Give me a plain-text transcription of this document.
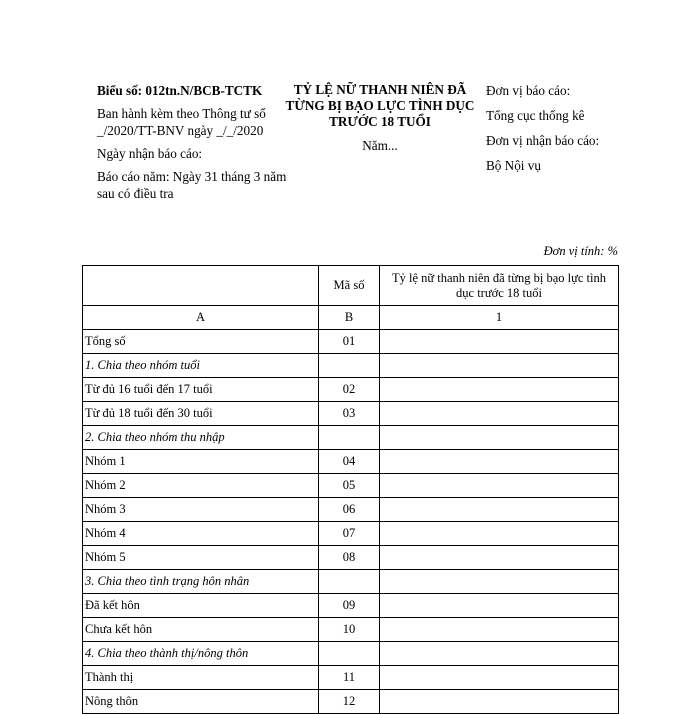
Biểu số: 012tn.N/BCB-TCTK
Ban hành kèm theo Thông tư số _/2020/TT-BNV ngày _/_/2020
Ngày nhận báo cáo:
Báo cáo năm: Ngày 31 tháng 3 năm sau có điều tra
TỶ LỆ NỮ THANH NIÊN ĐÃ TỪNG BỊ BẠO LỰC TÌNH DỤC TRƯỚC 18 TUỔI
Năm...
Đơn vị báo cáo:
Tổng cục thống kê
Đơn vị nhận báo cáo:
Bộ Nội vụ
Đơn vị tính: %
	Mã số	Tỷ lệ nữ thanh niên đã từng bị bạo lực tình dục trước 18 tuổi
A	B	1
Tổng số	01	
1. Chia theo nhóm tuổi		
Từ đủ 16 tuổi đến 17 tuổi	02	
Từ đủ 18 tuổi đến 30 tuổi	03	
2. Chia theo nhóm thu nhập		
Nhóm 1	04	
Nhóm 2	05	
Nhóm 3	06	
Nhóm 4	07	
Nhóm 5	08	
3. Chia theo tình trạng hôn nhân		
Đã kết hôn	09	
Chưa kết hôn	10	
4. Chia theo thành thị/nông thôn		
Thành thị	11	
Nông thôn	12	
